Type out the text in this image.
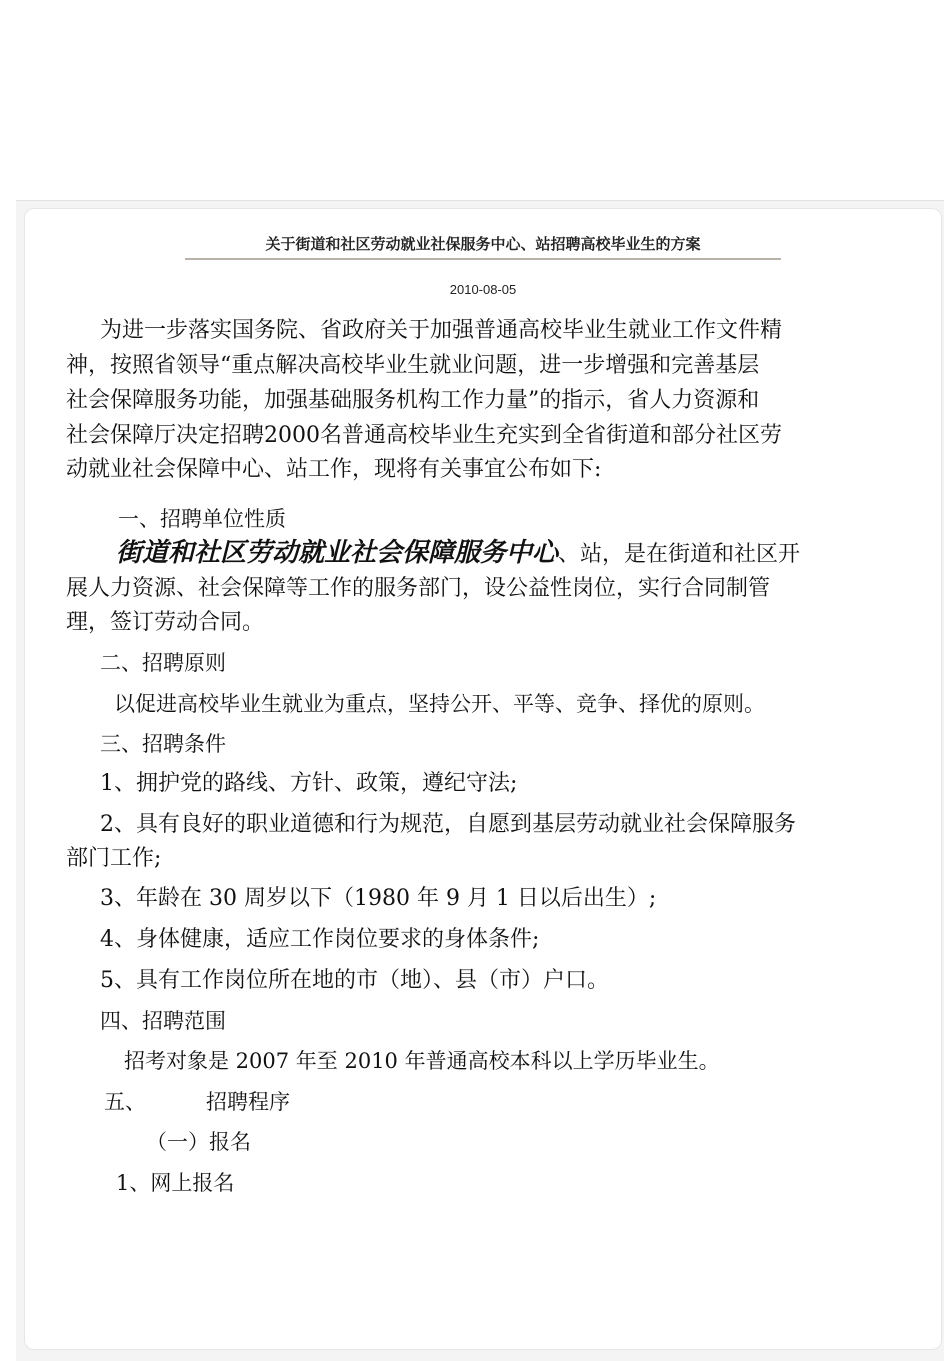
关于街道和社区劳动就业社保服务中心、站招聘高校毕业生的方案
2010-08-05
为进一步落实国务院、省政府关于加强普通高校毕业生就业工作文件精
神，按照省领导“重点解决高校毕业生就业问题，进一步增强和完善基层
社会保障服务功能，加强基础服务机构工作力量”的指示，省人力资源和
社会保障厅决定招聘2000名普通高校毕业生充实到全省街道和部分社区劳
动就业社会保障中心、站工作，现将有关事宜公布如下:
一、招聘单位性质
街道和社区劳动就业社会保障服务中心、站，是在街道和社区开
展人力资源、社会保障等工作的服务部门，设公益性岗位，实行合同制管
理，签订劳动合同。
二、招聘原则
以促进高校毕业生就业为重点，坚持公开、平等、竞争、择优的原则。
三、招聘条件
1、拥护党的路线、方针、政策，遵纪守法;
2、具有良好的职业道德和行为规范，自愿到基层劳动就业社会保障服务
部门工作;
3、年龄在 30 周岁以下（1980 年 9 月 1 日以后出生）;
4、身体健康，适应工作岗位要求的身体条件;
5、具有工作岗位所在地的市（地）、县（市）户口。
四、招聘范围
招考对象是 2007 年至 2010 年普通高校本科以上学历毕业生。
五、	招聘程序
（一）报名
1、网上报名
